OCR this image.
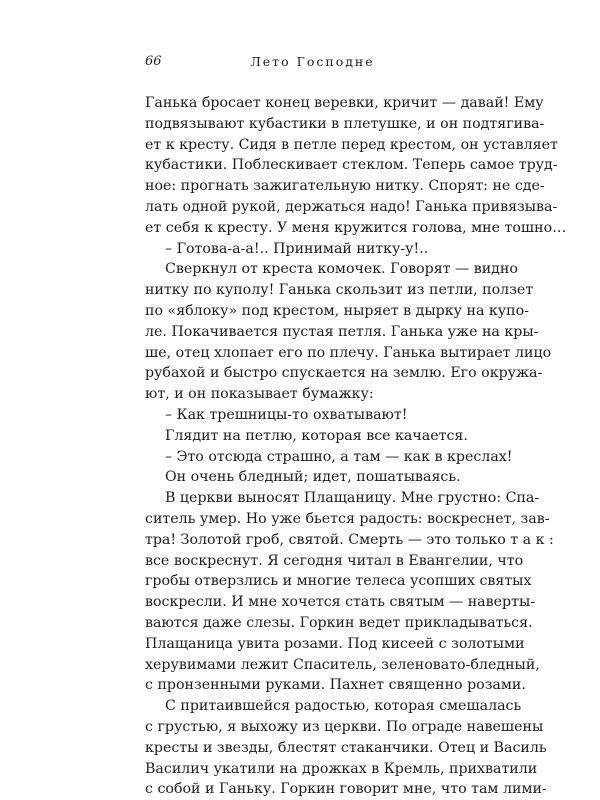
66	Лето Господне
Ганька бросает конец веревки, кричит — давай! Ему
подвязывают кубастики в плетушке, и он подтягива-
ет к кресту. Сидя в петле перед крестом, он уставляет
кубастики. Поблескивает стеклом. Теперь самое труд-
ное: прогнать зажигательную нитку. Спорят: не сде-
лать одной рукой, держаться надо! Ганька привязыва-
ет себя к кресту. У меня кружится голова, мне тошно…
– Готова-а-а!.. Принимай нитку-у!..
Сверкнул от креста комочек. Говорят — видно
нитку по куполу! Ганька скользит из петли, ползет
по «яблоку» под крестом, ныряет в дырку на купо-
ле. Покачивается пустая петля. Ганька уже на кры-
ше, отец хлопает его по плечу. Ганька вытирает лицо
рубахой и быстро спускается на землю. Его окружа-
ют, и он показывает бумажку:
– Как трешницы-то охватывают!
Глядит на петлю, которая все качается.
– Это отсюда страшно, а там — как в креслах!
Он очень бледный; идет, пошатываясь.
В церкви выносят Плащаницу. Мне грустно: Спа-
ситель умер. Но уже бьется радость: воскреснет, зав-
тра! Золотой гроб, святой. Смерть — это только т а к :
все воскреснут. Я сегодня читал в Евангелии, что
гробы отверзлись и многие телеса усопших святых
воскресли. И мне хочется стать святым — наверты-
ваются даже слезы. Горкин ведет прикладываться.
Плащаница увита розами. Под кисеей с золотыми
херувимами лежит Спаситель, зеленовато-бледный,
с пронзенными руками. Пахнет священно розами.
С притаившейся радостью, которая смешалась
с грустью, я выхожу из церкви. По ограде навешены
кресты и звезды, блестят стаканчики. Отец и Василь
Василич укатили на дрожках в Кремль, прихватили
с собой и Ганьку. Горкин говорит мне, что там лими-
